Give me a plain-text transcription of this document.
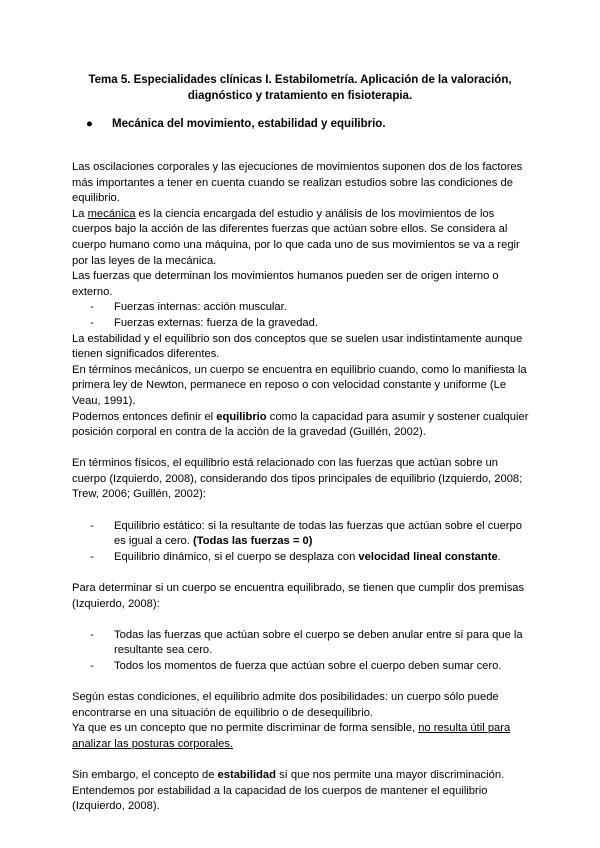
Tema 5. Especialidades clínicas I. Estabilometría. Aplicación de la valoración,
diagnóstico y tratamiento en fisioterapia.
● Mecánica del movimiento, estabilidad y equilibrio.

Las oscilaciones corporales y las ejecuciones de movimientos suponen dos de los factores más importantes a tener en cuenta cuando se realizan estudios sobre las condiciones de equilibrio.

La mecánica es la ciencia encargada del estudio y análisis de los movimientos de los cuerpos bajo la acción de las diferentes fuerzas que actúan sobre ellos. Se considera al cuerpo humano como una máquina, por lo que cada uno de sus movimientos se va a regir por las leyes de la mecánica.

Las fuerzas que determinan los movimientos humanos pueden ser de origen interno o externo.

-	Fuerzas internas: acción muscular.
-	Fuerzas externas: fuerza de la gravedad.

La estabilidad y el equilibrio son dos conceptos que se suelen usar indistintamente aunque tienen significados diferentes.

En términos mecánicos, un cuerpo se encuentra en equilibrio cuando, como lo manifiesta la primera ley de Newton, permanece en reposo o con velocidad constante y uniforme (Le Veau, 1991).

Podemos entonces definir el equilibrio como la capacidad para asumir y sostener cualquier posición corporal en contra de la acción de la gravedad (Guillén, 2002).

En términos físicos, el equilibrio está relacionado con las fuerzas que actúan sobre un cuerpo (Izquierdo, 2008), considerando dos tipos principales de equilibrio (Izquierdo, 2008; Trew, 2006; Guillén, 2002):

-	Equilibrio estático: si la resultante de todas las fuerzas que actúan sobre el cuerpo es igual a cero. (Todas las fuerzas = 0)
-	Equilibrio dinámico, si el cuerpo se desplaza con velocidad lineal constante.

Para determinar si un cuerpo se encuentra equilibrado, se tienen que cumplir dos premisas (Izquierdo, 2008):

-	Todas las fuerzas que actúan sobre el cuerpo se deben anular entre sí para que la resultante sea cero.
-	Todos los momentos de fuerza que actúan sobre el cuerpo deben sumar cero.

Según estas condiciones, el equilibrio admite dos posibilidades: un cuerpo sólo puede encontrarse en una situación de equilibrio o de desequilibrio.

Ya que es un concepto que no permite discriminar de forma sensible, no resulta útil para analizar las posturas corporales.

Sin embargo, el concepto de estabilidad sí que nos permite una mayor discriminación.

Entendemos por estabilidad a la capacidad de los cuerpos de mantener el equilibrio (Izquierdo, 2008).
